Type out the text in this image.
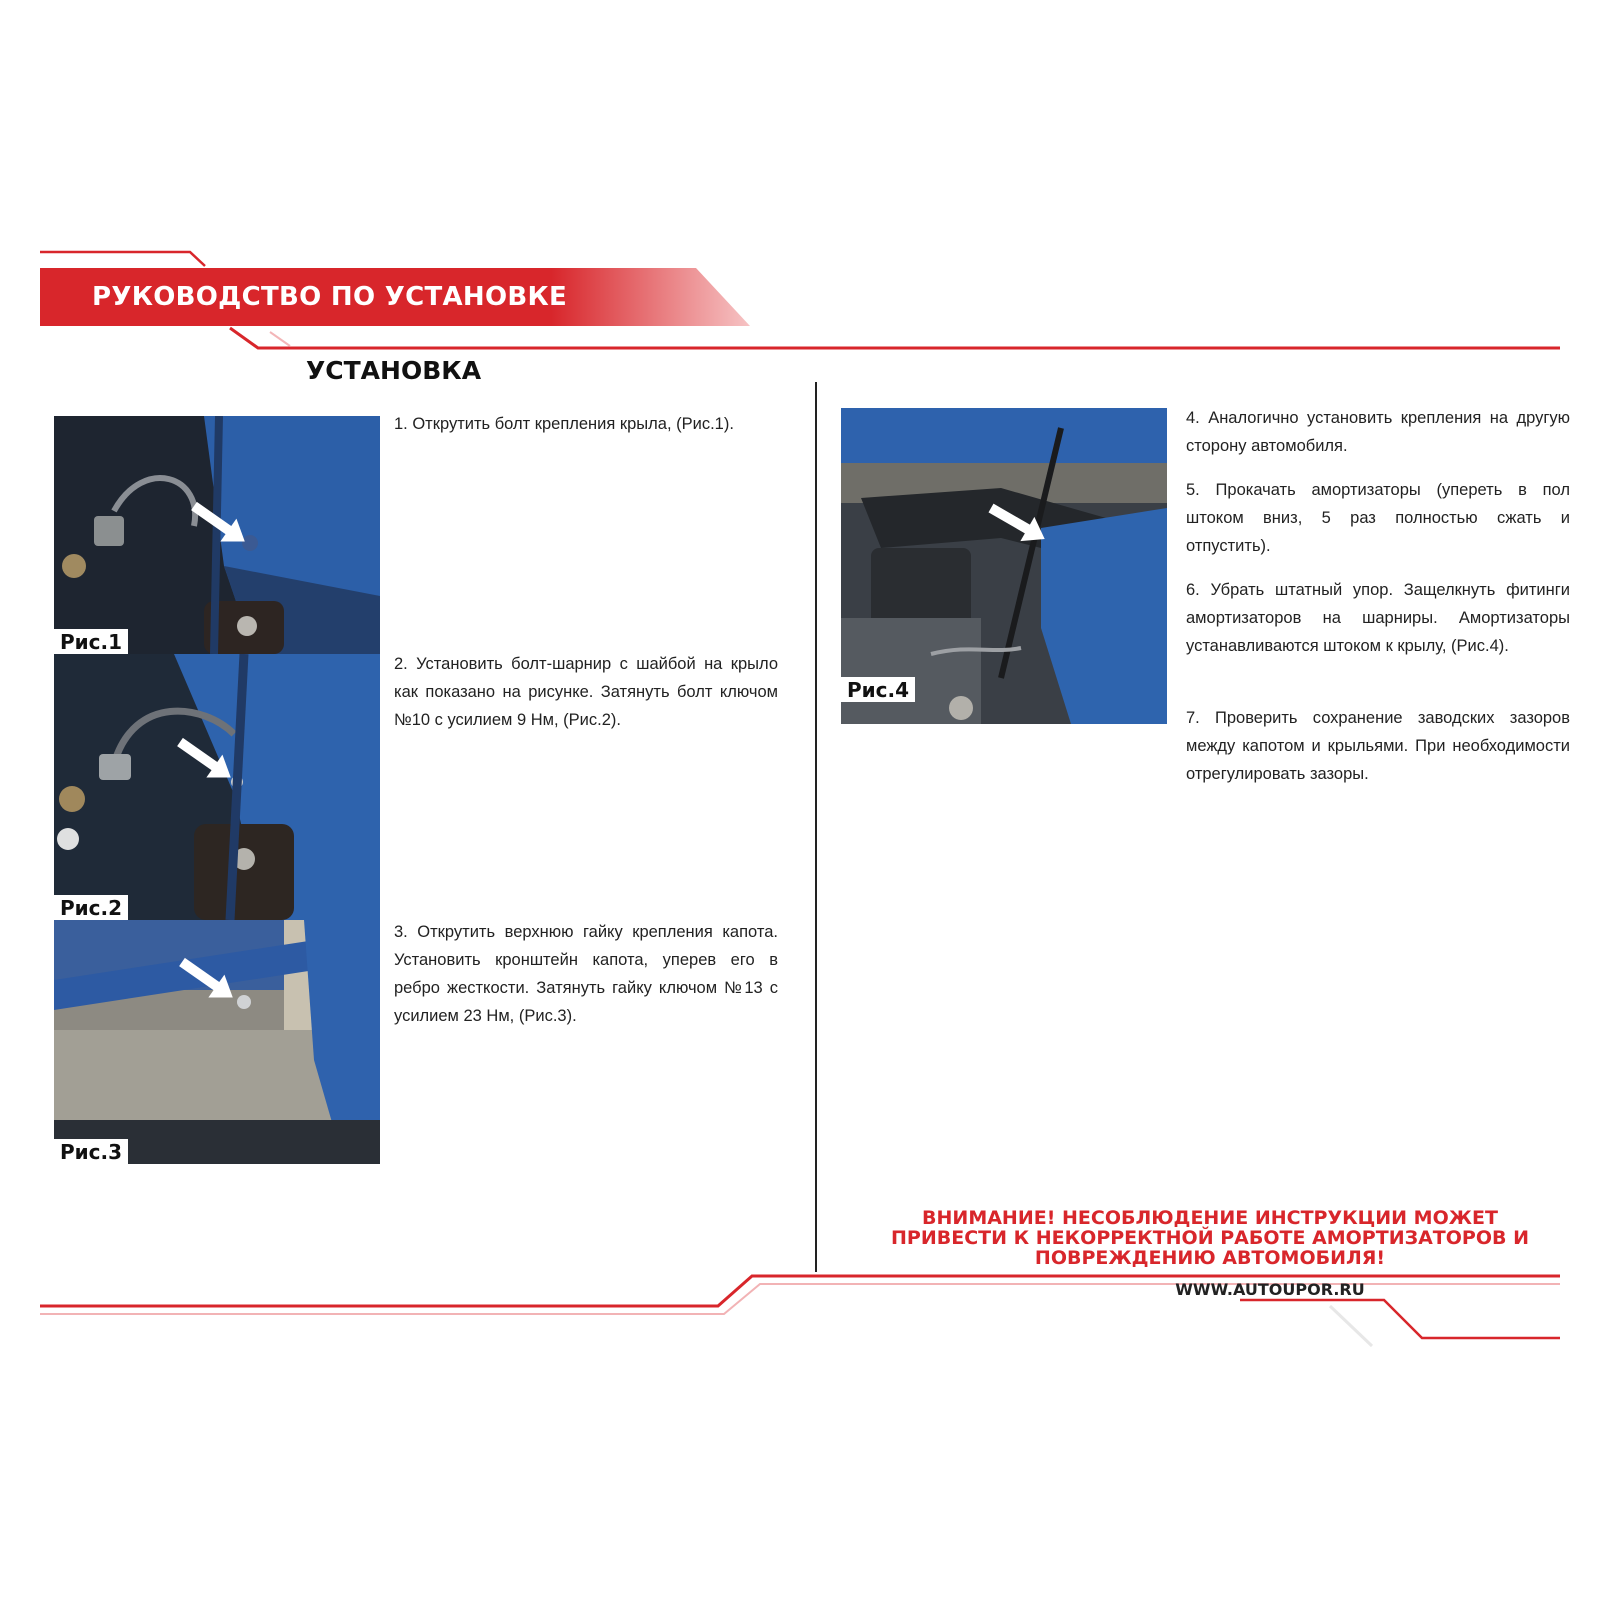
РУКОВОДСТВО ПО УСТАНОВКЕ
УСТАНОВКА
Рис.1
Рис.2
Рис.3
Рис.4

1. Открутить болт крепления крыла, (Рис.1).

2. Установить болт-шарнир с шайбой на крыло как показано на рисунке. Затянуть болт ключом №10 с усилием 9 Нм, (Рис.2).

3. Открутить верхнюю гайку крепления капота. Установить кронштейн капота, уперев его в ребро жесткости. Затянуть гайку ключом №13 с усилием 23 Нм, (Рис.3).

4. Аналогично установить крепления на другую сторону автомобиля.

5. Прокачать амортизаторы (упереть в пол штоком вниз, 5 раз полностью сжать и отпустить).

6. Убрать штатный упор. Защелкнуть фитинги амортизаторов на шарниры. Амортизаторы устанавливаются штоком к крылу, (Рис.4).

7. Проверить сохранение заводских зазоров между капотом и крыльями. При необходимости отрегулировать зазоры.

ВНИМАНИЕ! НЕСОБЛЮДЕНИЕ ИНСТРУКЦИИ МОЖЕТ ПРИВЕСТИ К НЕКОРРЕКТНОЙ РАБОТЕ АМОРТИЗАТОРОВ И ПОВРЕЖДЕНИЮ АВТОМОБИЛЯ!
WWW.AUTOUPOR.RU
